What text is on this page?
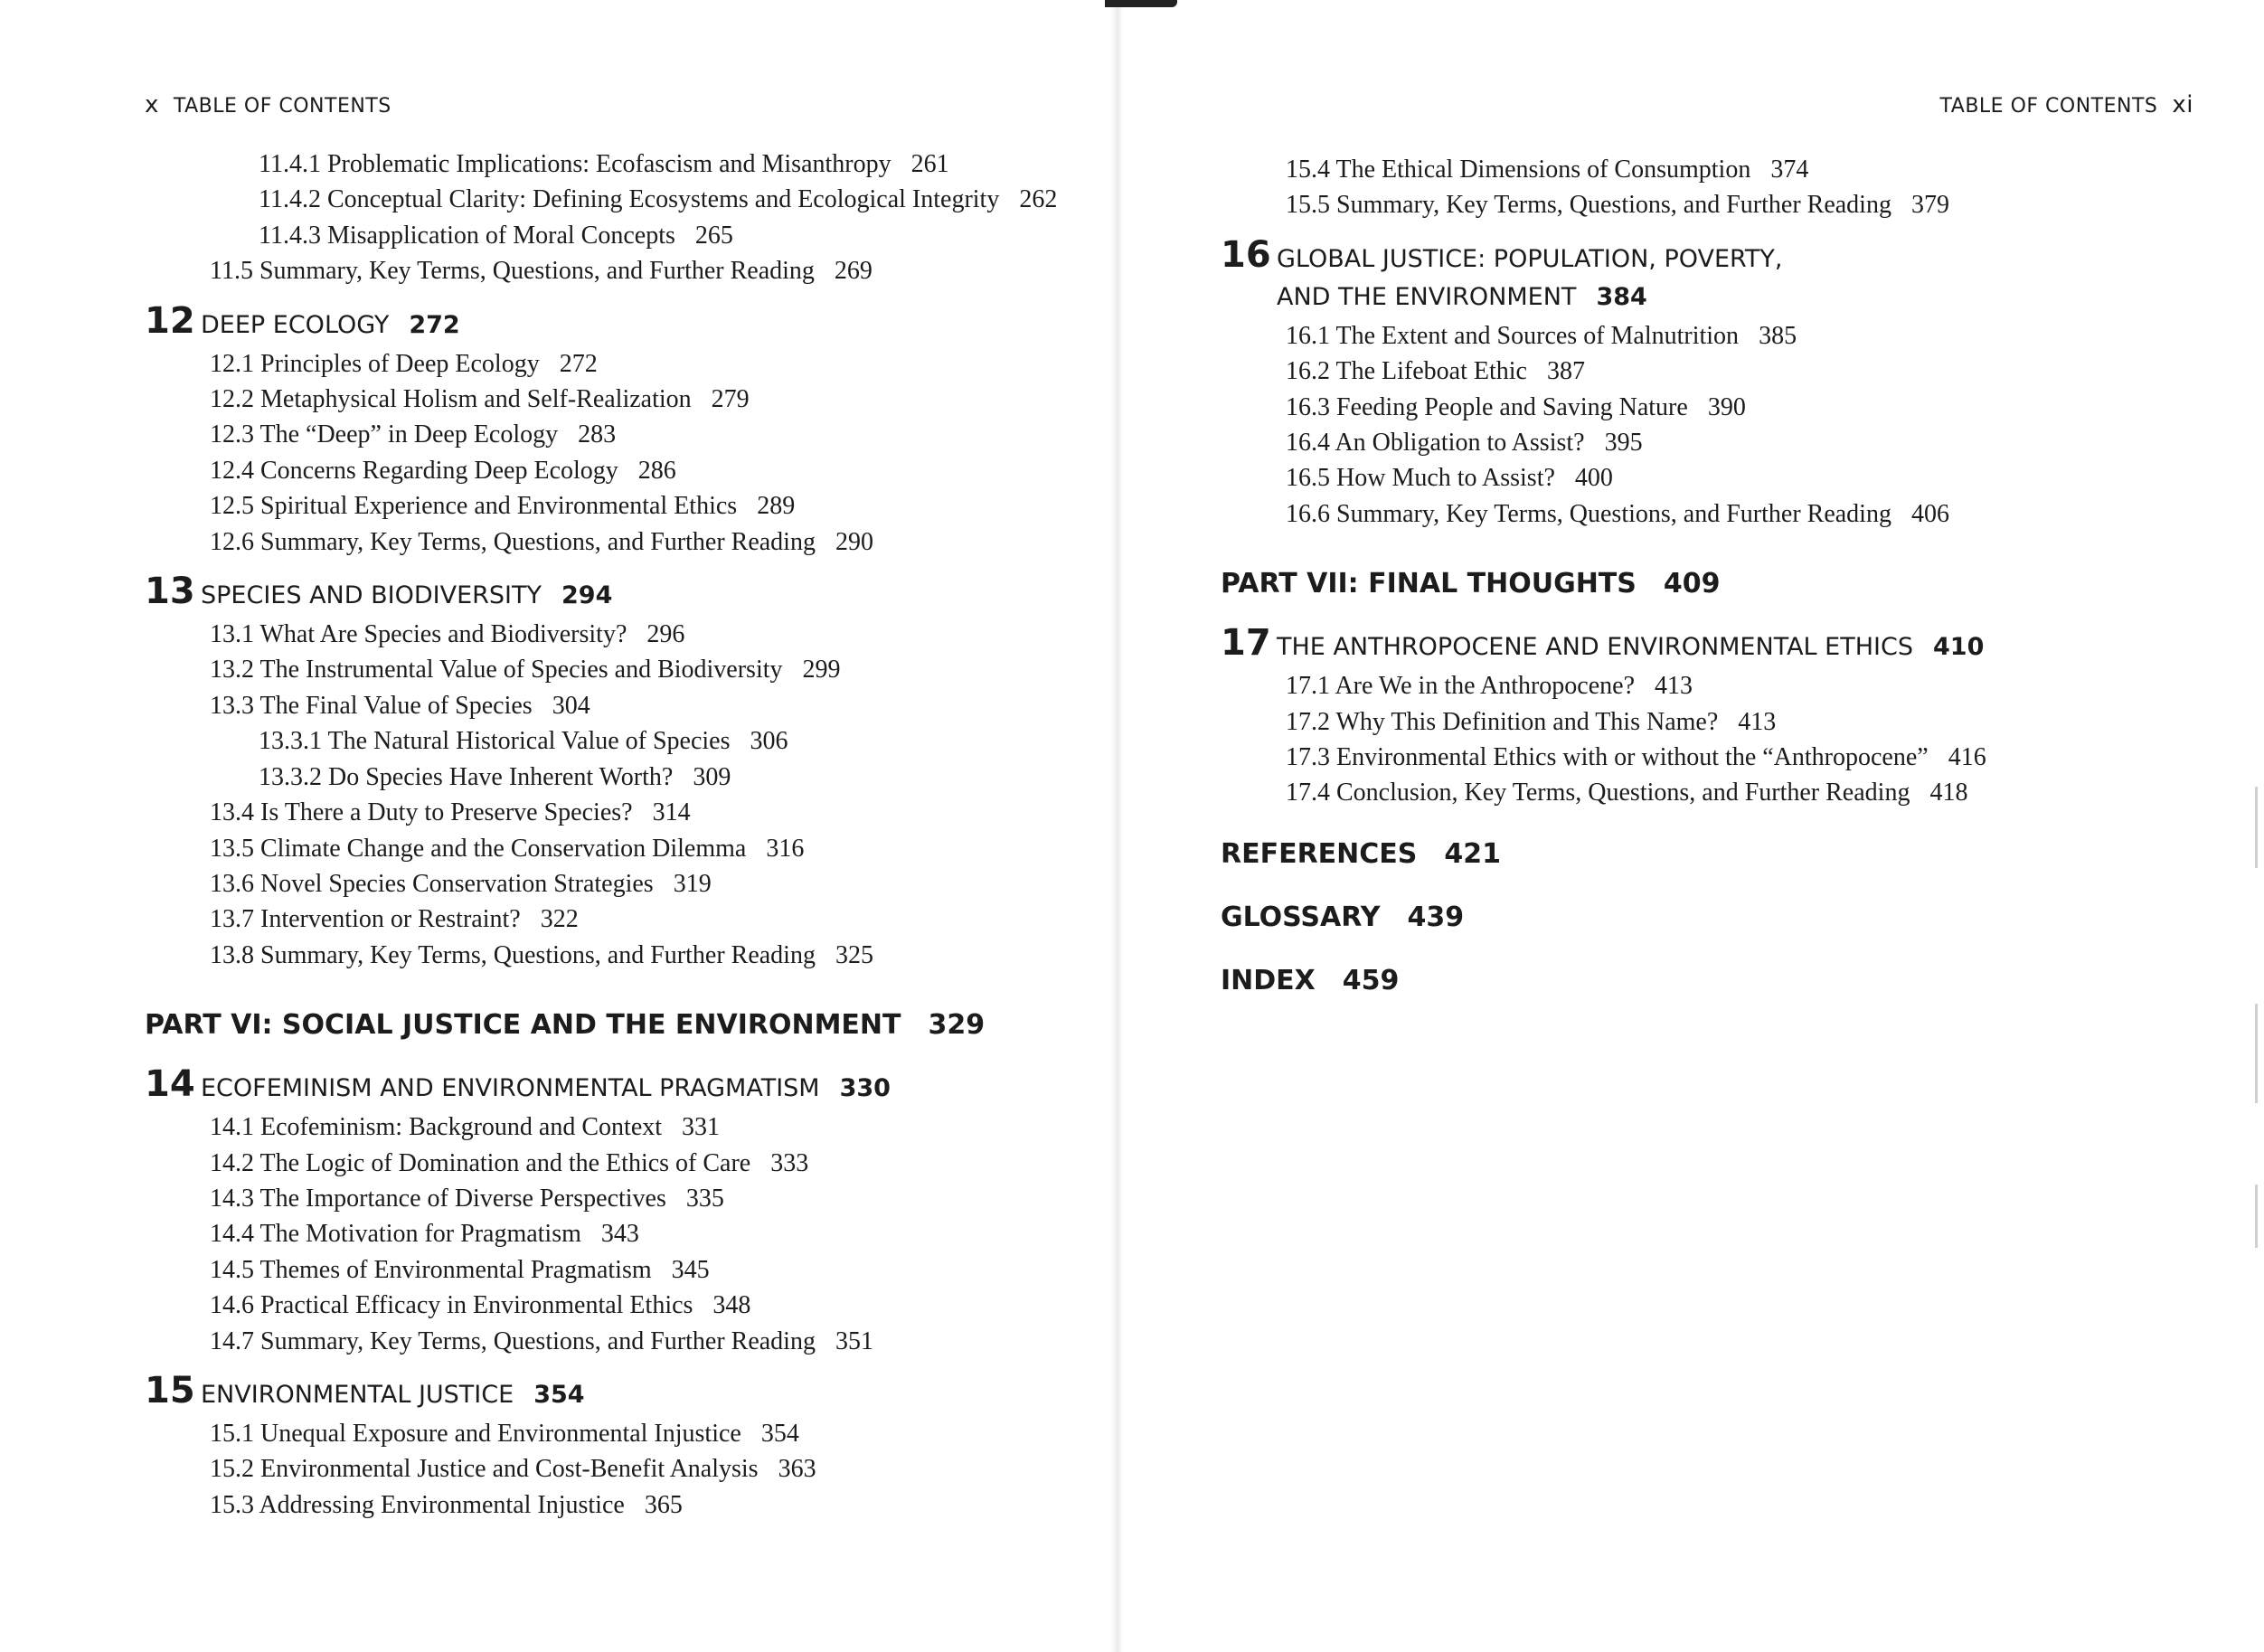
x TABLE OF CONTENTS
11.4.1 Problematic Implications: Ecofascism and Misanthropy 261
11.4.2 Conceptual Clarity: Defining Ecosystems and Ecological Integrity 262
11.4.3 Misapplication of Moral Concepts 265
11.5 Summary, Key Terms, Questions, and Further Reading 269
12 DEEP ECOLOGY 272
12.1 Principles of Deep Ecology 272
12.2 Metaphysical Holism and Self-Realization 279
12.3 The “Deep” in Deep Ecology 283
12.4 Concerns Regarding Deep Ecology 286
12.5 Spiritual Experience and Environmental Ethics 289
12.6 Summary, Key Terms, Questions, and Further Reading 290
13 SPECIES AND BIODIVERSITY 294
13.1 What Are Species and Biodiversity? 296
13.2 The Instrumental Value of Species and Biodiversity 299
13.3 The Final Value of Species 304
13.3.1 The Natural Historical Value of Species 306
13.3.2 Do Species Have Inherent Worth? 309
13.4 Is There a Duty to Preserve Species? 314
13.5 Climate Change and the Conservation Dilemma 316
13.6 Novel Species Conservation Strategies 319
13.7 Intervention or Restraint? 322
13.8 Summary, Key Terms, Questions, and Further Reading 325
PART VI: SOCIAL JUSTICE AND THE ENVIRONMENT 329
14 ECOFEMINISM AND ENVIRONMENTAL PRAGMATISM 330
14.1 Ecofeminism: Background and Context 331
14.2 The Logic of Domination and the Ethics of Care 333
14.3 The Importance of Diverse Perspectives 335
14.4 The Motivation for Pragmatism 343
14.5 Themes of Environmental Pragmatism 345
14.6 Practical Efficacy in Environmental Ethics 348
14.7 Summary, Key Terms, Questions, and Further Reading 351
15 ENVIRONMENTAL JUSTICE 354
15.1 Unequal Exposure and Environmental Injustice 354
15.2 Environmental Justice and Cost-Benefit Analysis 363
15.3 Addressing Environmental Injustice 365
TABLE OF CONTENTS xi
15.4 The Ethical Dimensions of Consumption 374
15.5 Summary, Key Terms, Questions, and Further Reading 379
16 GLOBAL JUSTICE: POPULATION, POVERTY,
AND THE ENVIRONMENT 384
16.1 The Extent and Sources of Malnutrition 385
16.2 The Lifeboat Ethic 387
16.3 Feeding People and Saving Nature 390
16.4 An Obligation to Assist? 395
16.5 How Much to Assist? 400
16.6 Summary, Key Terms, Questions, and Further Reading 406
PART VII: FINAL THOUGHTS 409
17 THE ANTHROPOCENE AND ENVIRONMENTAL ETHICS 410
17.1 Are We in the Anthropocene? 413
17.2 Why This Definition and This Name? 413
17.3 Environmental Ethics with or without the “Anthropocene” 416
17.4 Conclusion, Key Terms, Questions, and Further Reading 418
REFERENCES 421
GLOSSARY 439
INDEX 459
